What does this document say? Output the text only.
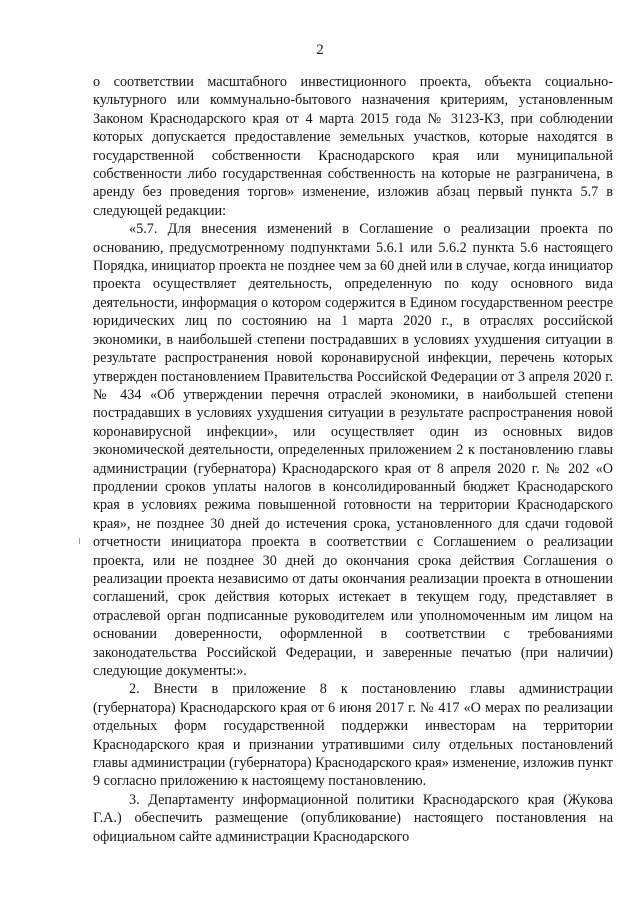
2

о соответствии масштабного инвестиционного проекта, объекта социально-культурного или коммунально-бытового назначения критериям, установленным Законом Краснодарского края от 4 марта 2015 года № 3123-КЗ, при соблюдении которых допускается предоставление земельных участков, которые находятся в государственной собственности Краснодарского края или муниципальной собственности либо государственная собственность на которые не разграничена, в аренду без проведения торгов» изменение, изложив абзац первый пункта 5.7 в следующей редакции:

«5.7. Для внесения изменений в Соглашение о реализации проекта по основанию, предусмотренному подпунктами 5.6.1 или 5.6.2 пункта 5.6 настоящего Порядка, инициатор проекта не позднее чем за 60 дней или в случае, когда инициатор проекта осуществляет деятельность, определенную по коду основного вида деятельности, информация о котором содержится в Едином государственном реестре юридических лиц по состоянию на 1 марта 2020 г., в отраслях российской экономики, в наибольшей степени пострадавших в условиях ухудшения ситуации в результате распространения новой коронавирусной инфекции, перечень которых утвержден постановлением Правительства Российской Федерации от 3 апреля 2020 г. № 434 «Об утверждении перечня отраслей экономики, в наибольшей степени пострадавших в условиях ухудшения ситуации в результате распространения новой коронавирусной инфекции», или осуществляет один из основных видов экономической деятельности, определенных приложением 2 к постановлению главы администрации (губернатора) Краснодарского края от 8 апреля 2020 г. № 202 «О продлении сроков уплаты налогов в консолидированный бюджет Краснодарского края в условиях режима повышенной готовности на территории Краснодарского края», не позднее 30 дней до истечения срока, установленного для сдачи годовой отчетности инициатора проекта в соответствии с Соглашением о реализации проекта, или не позднее 30 дней до окончания срока действия Соглашения о реализации проекта независимо от даты окончания реализации проекта в отношении соглашений, срок действия которых истекает в текущем году, представляет в отраслевой орган подписанные руководителем или уполномоченным им лицом на основании доверенности, оформленной в соответствии с требованиями законодательства Российской Федерации, и заверенные печатью (при наличии) следующие документы:».

2. Внести в приложение 8 к постановлению главы администрации (губернатора) Краснодарского края от 6 июня 2017 г. № 417 «О мерах по реализации отдельных форм государственной поддержки инвесторам на территории Краснодарского края и признании утратившими силу отдельных постановлений главы администрации (губернатора) Краснодарского края» изменение, изложив пункт 9 согласно приложению к настоящему постановлению.

3. Департаменту информационной политики Краснодарского края (Жукова Г.А.) обеспечить размещение (опубликование) настоящего постановления на официальном сайте администрации Краснодарского
